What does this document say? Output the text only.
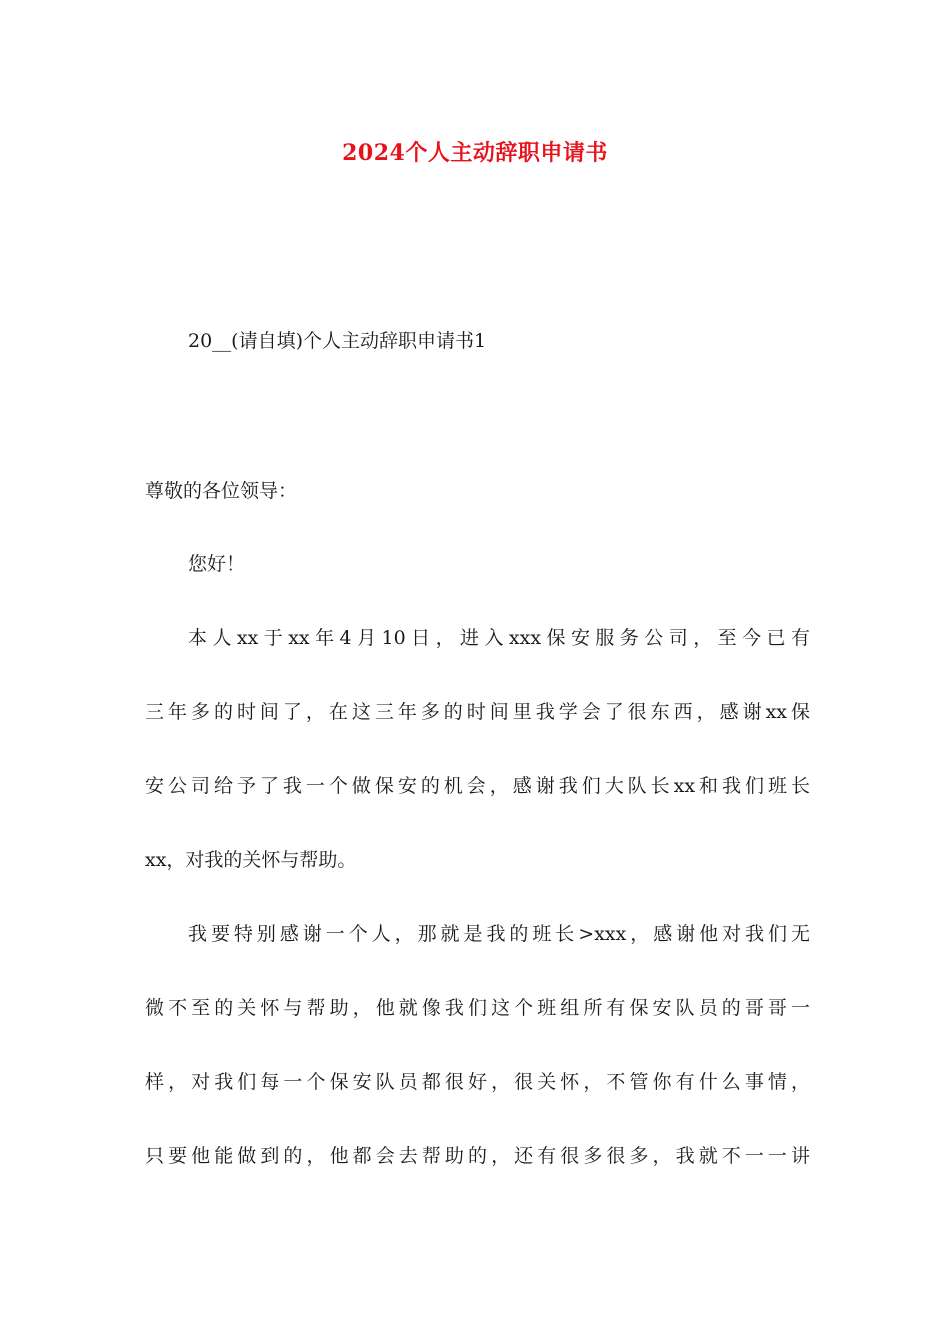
2024个人主动辞职申请书
20__(请自填)个人主动辞职申请书1
尊敬的各位领导：
您好！
本人xx于xx年4月10日，进入xxx保安服务公司，至今已有
三年多的时间了，在这三年多的时间里我学会了很东西，感谢xx保
安公司给予了我一个做保安的机会，感谢我们大队长xx和我们班长
xx，对我的关怀与帮助。
我要特别感谢一个人，那就是我的班长>xxx，感谢他对我们无
微不至的关怀与帮助，他就像我们这个班组所有保安队员的哥哥一
样，对我们每一个保安队员都很好，很关怀，不管你有什么事情，
只要他能做到的，他都会去帮助的，还有很多很多，我就不一一讲
